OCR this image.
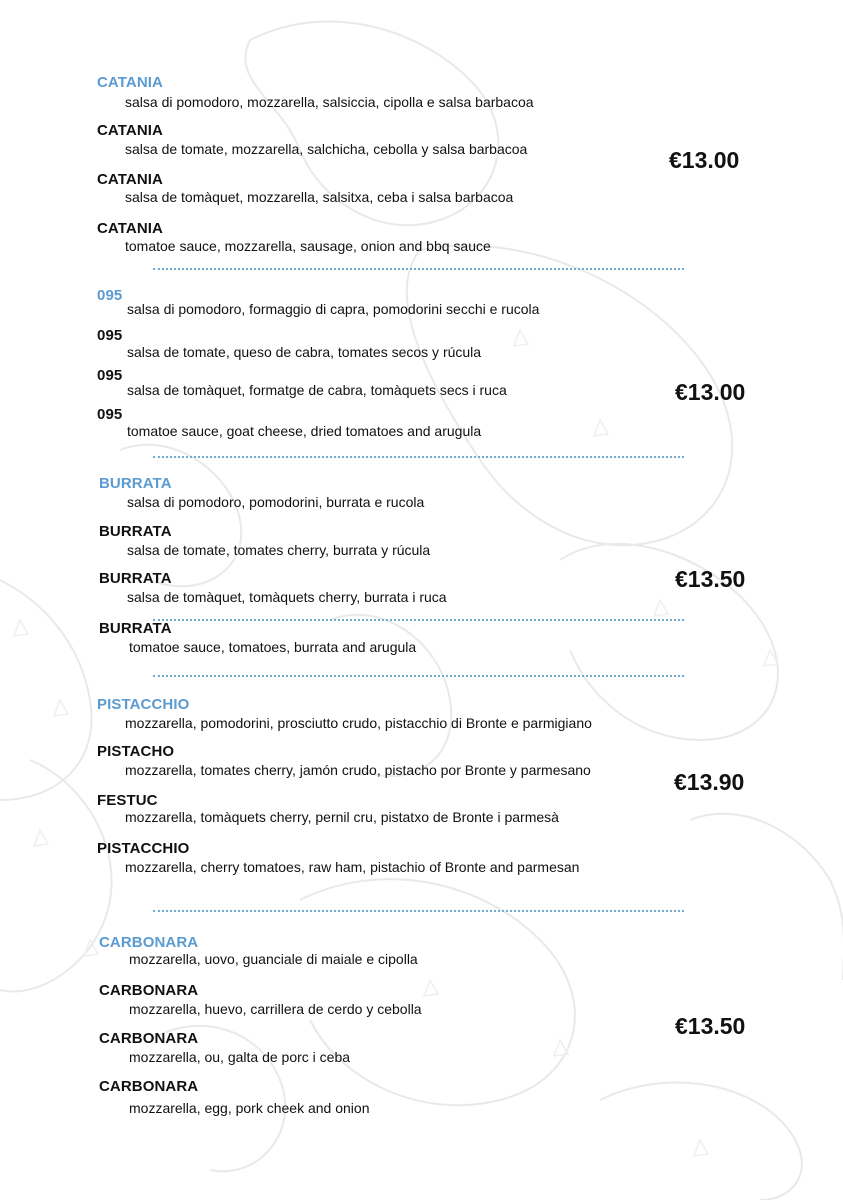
CATANIA
salsa di pomodoro, mozzarella, salsiccia, cipolla e salsa barbacoa
CATANIA
salsa de tomate, mozzarella, salchicha, cebolla y salsa barbacoa
CATANIA
salsa de tomàquet, mozzarella, salsitxa, ceba i salsa barbacoa
CATANIA
tomatoe sauce, mozzarella, sausage, onion and bbq sauce
€13.00
095
salsa di pomodoro, formaggio di capra, pomodorini secchi e rucola
095
salsa de tomate, queso de cabra, tomates secos y rúcula
095
salsa de tomàquet, formatge de cabra, tomàquets secs i ruca
095
tomatoe sauce, goat cheese, dried tomatoes and arugula
€13.00
BURRATA
salsa di pomodoro, pomodorini, burrata e rucola
BURRATA
salsa de tomate, tomates cherry, burrata y rúcula
BURRATA
salsa de tomàquet, tomàquets cherry, burrata i ruca
BURRATA
tomatoe sauce, tomatoes, burrata and arugula
€13.50
PISTACCHIO
mozzarella, pomodorini, prosciutto crudo, pistacchio di Bronte e parmigiano
PISTACHO
mozzarella, tomates cherry, jamón crudo, pistacho por Bronte y parmesano
FESTUC
mozzarella, tomàquets cherry, pernil cru, pistatxo de Bronte i parmesà
PISTACCHIO
mozzarella, cherry tomatoes, raw ham, pistachio of Bronte and parmesan
€13.90
CARBONARA
mozzarella, uovo, guanciale di maiale e cipolla
CARBONARA
mozzarella, huevo, carrillera de cerdo y cebolla
CARBONARA
mozzarella, ou, galta de porc i ceba
CARBONARA
mozzarella, egg, pork cheek and onion
€13.50
